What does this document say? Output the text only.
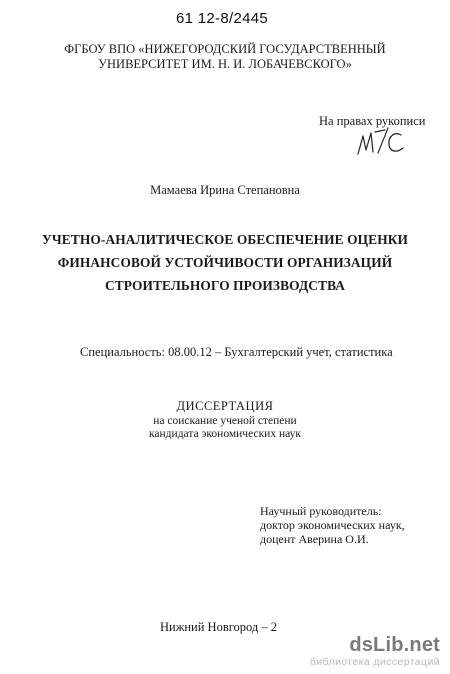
61 12-8/2445
ФГБОУ ВПО «НИЖЕГОРОДСКИЙ ГОСУДАРСТВЕННЫЙ
УНИВЕРСИТЕТ ИМ. Н. И. ЛОБАЧЕВСКОГО»
На правах рукописи
Мамаева Ирина Степановна
УЧЕТНО-АНАЛИТИЧЕСКОЕ ОБЕСПЕЧЕНИЕ ОЦЕНКИ
ФИНАНСОВОЙ УСТОЙЧИВОСТИ ОРГАНИЗАЦИЙ
СТРОИТЕЛЬНОГО ПРОИЗВОДСТВА
Специальность: 08.00.12 – Бухгалтерский учет, статистика
ДИССЕРТАЦИЯ
на соискание ученой степени
кандидата экономических наук
Научный руководитель:
доктор экономических наук,
доцент Аверина О.И.
Нижний Новгород – 2
dsLib.net
библиотека диссертаций
